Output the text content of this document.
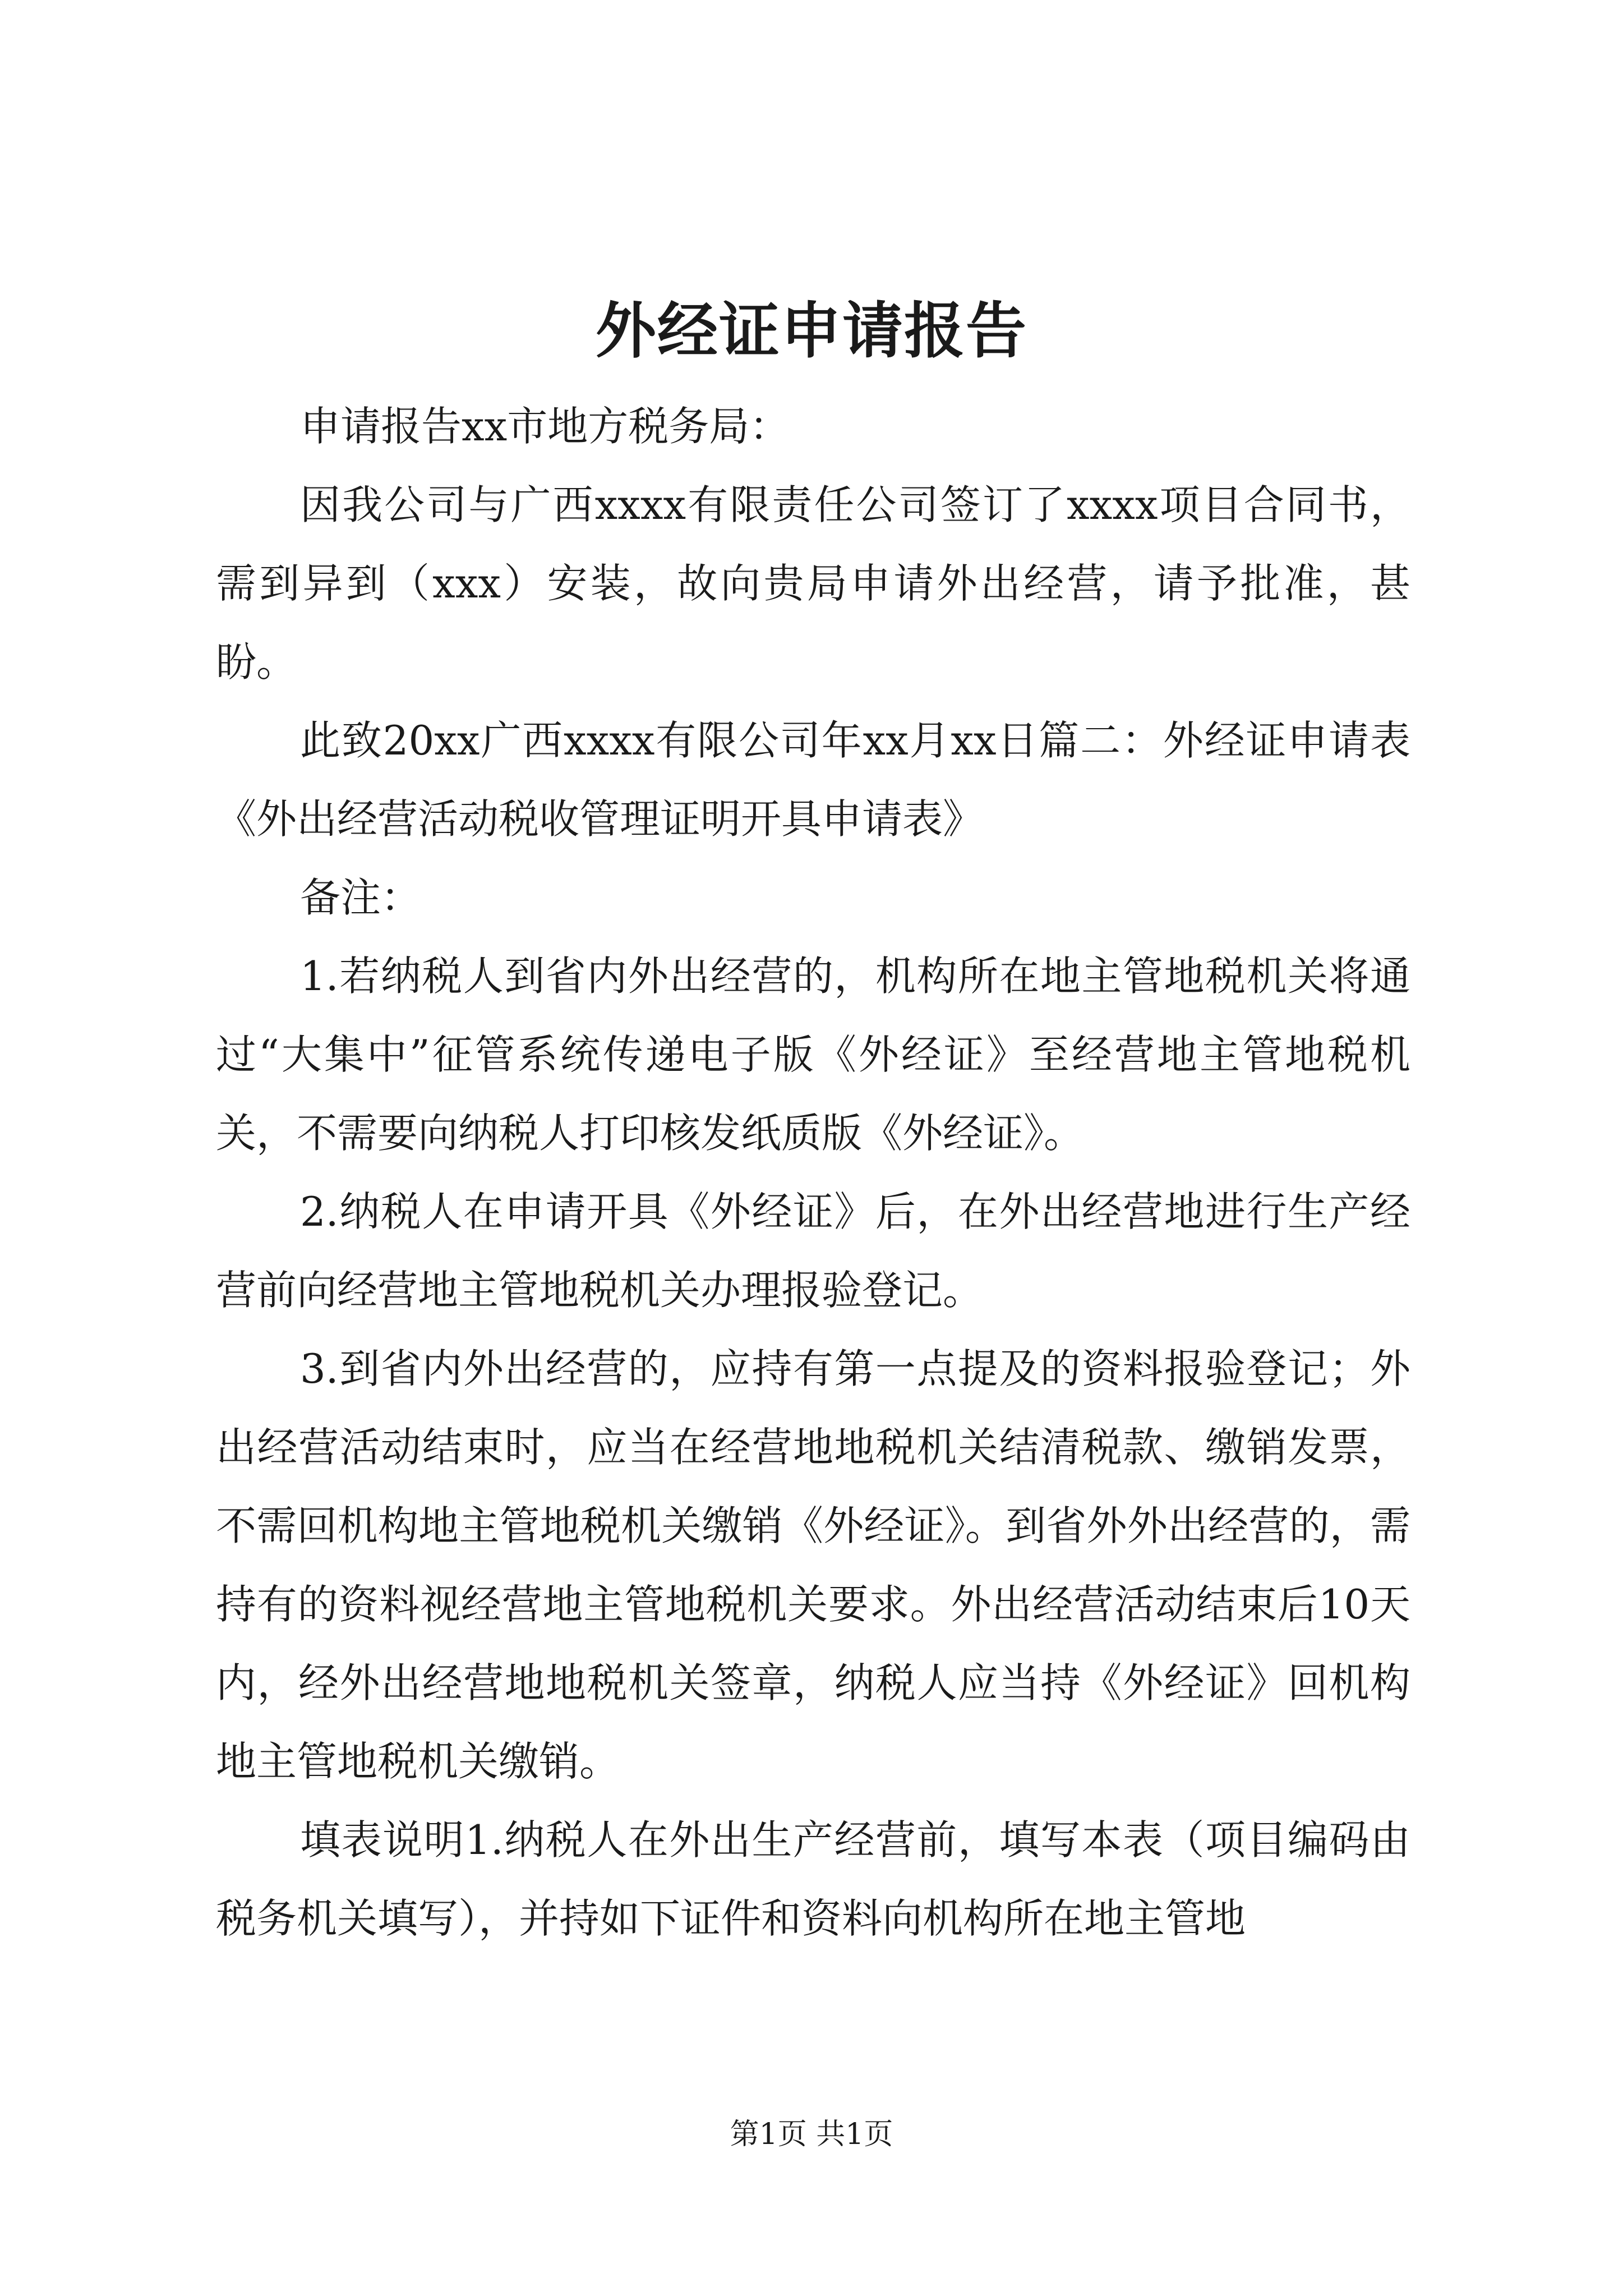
外经证申请报告

申请报告xx市地方税务局：

因我公司与广西xxxx有限责任公司签订了xxxx项目合同书，需到异到（xxx）安装，故向贵局申请外出经营，请予批准，甚盼。

此致20xx广西xxxx有限公司年xx月xx日篇二：外经证申请表《外出经营活动税收管理证明开具申请表》

备注：

1.若纳税人到省内外出经营的，机构所在地主管地税机关将通过“大集中”征管系统传递电子版《外经证》至经营地主管地税机关，不需要向纳税人打印核发纸质版《外经证》。

2.纳税人在申请开具《外经证》后，在外出经营地进行生产经营前向经营地主管地税机关办理报验登记。

3.到省内外出经营的，应持有第一点提及的资料报验登记；外出经营活动结束时，应当在经营地地税机关结清税款、缴销发票，不需回机构地主管地税机关缴销《外经证》。到省外外出经营的，需持有的资料视经营地主管地税机关要求。外出经营活动结束后10天内，经外出经营地地税机关签章，纳税人应当持《外经证》回机构地主管地税机关缴销。

填表说明1.纳税人在外出生产经营前，填写本表（项目编码由税务机关填写），并持如下证件和资料向机构所在地主管地

第1页 共1页
